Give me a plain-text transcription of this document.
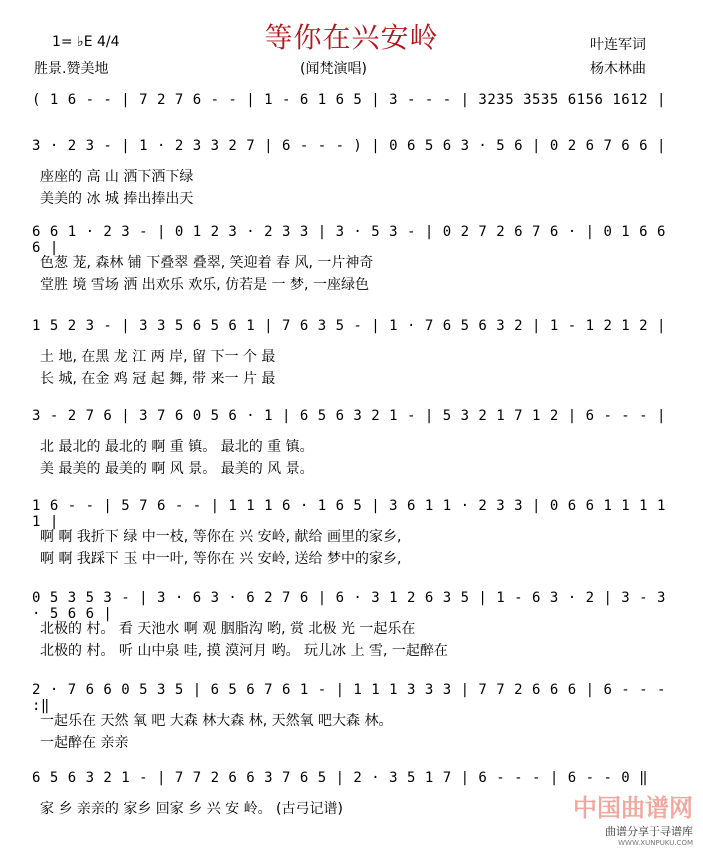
等你在兴安岭
1= ♭E 4/4
胜景.赞美地	(闻梵演唱)
叶连军词
杨木林曲
( 1 6 - - | 7 2 7 6 - - | 1 - 6 1 6 5 | 3 - - - | 3235 3535 6156 1612 |
3 · 2 3 - | 1 · 2 3 3 2 7 | 6 - - - ) | 0 6 5 6 3 · 5 6 | 0 2 6 7 6 6 |
座座的 高 山 洒下洒下绿
美美的 冰 城 捧出捧出天
6 6 1 · 2 3 - | 0 1 2 3 · 2 3 3 | 3 · 5 3 - | 0 2 7 2 6 7 6 · | 0 1 6 6 6 |
色葱 茏, 森林 铺 下叠翠 叠翠, 笑迎着 春 风, 一片神奇
堂胜 境 雪场 洒 出欢乐 欢乐, 仿若是 一 梦, 一座绿色
1 5 2 3 - | 3 3 5 6 5 6 1 | 7 6 3 5 - | 1 · 7 6 5 6 3 2 | 1 - 1 2 1 2 |
土 地, 在黑 龙 江 两 岸, 留 下一 个 最
长 城, 在金 鸡 冠 起 舞, 带 来一 片 最
3 - 2 7 6 | 3 7 6 0 5 6 · 1 | 6 5 6 3 2 1 - | 5 3 2 1 7 1 2 | 6 - - - |
北 最北的 最北的 啊 重 镇。 最北的 重 镇。
美 最美的 最美的 啊 风 景。 最美的 风 景。
1 6 - - | 5 7 6 - - | 1 1 1 6 · 1 6 5 | 3 6 1 1 · 2 3 3 | 0 6 6 1 1 1 1 1 |
啊 啊 我折下 绿 中一枝, 等你在 兴 安岭, 献给 画里的家乡,
啊 啊 我踩下 玉 中一叶, 等你在 兴 安岭, 送给 梦中的家乡,
0 5 3 5 3 - | 3 · 6 3 · 6 2 7 6 | 6 · 3 1 2 6 3 5 | 1 - 6 3 · 2 | 3 - 3 · 5 6 6 |
北极的 村。 看 天池水 啊 观 胭脂沟 哟, 赏 北极 光 一起乐在
北极的 村。 听 山中泉 哇, 摸 漠河月 哟。 玩儿冰 上 雪, 一起醉在
2 · 7 6 6 0 5 3 5 | 6 5 6 7 6 1 - | 1 1 1 3 3 3 | 7 7 2 6 6 6 | 6 - - - :‖
一起乐在 天然 氧 吧 大森 林大森 林, 天然氧 吧大森 林。
一起醉在 亲亲
6 5 6 3 2 1 - | 7 7 2 6 6 3 7 6 5 | 2 · 3 5 1 7 | 6 - - - | 6 - - 0 ‖
家 乡 亲亲的 家乡 回家 乡 兴 安 岭。 (古弓记谱)	中国曲谱网
曲谱分享于寻谱库
WWW.XUNPUKU.COM
